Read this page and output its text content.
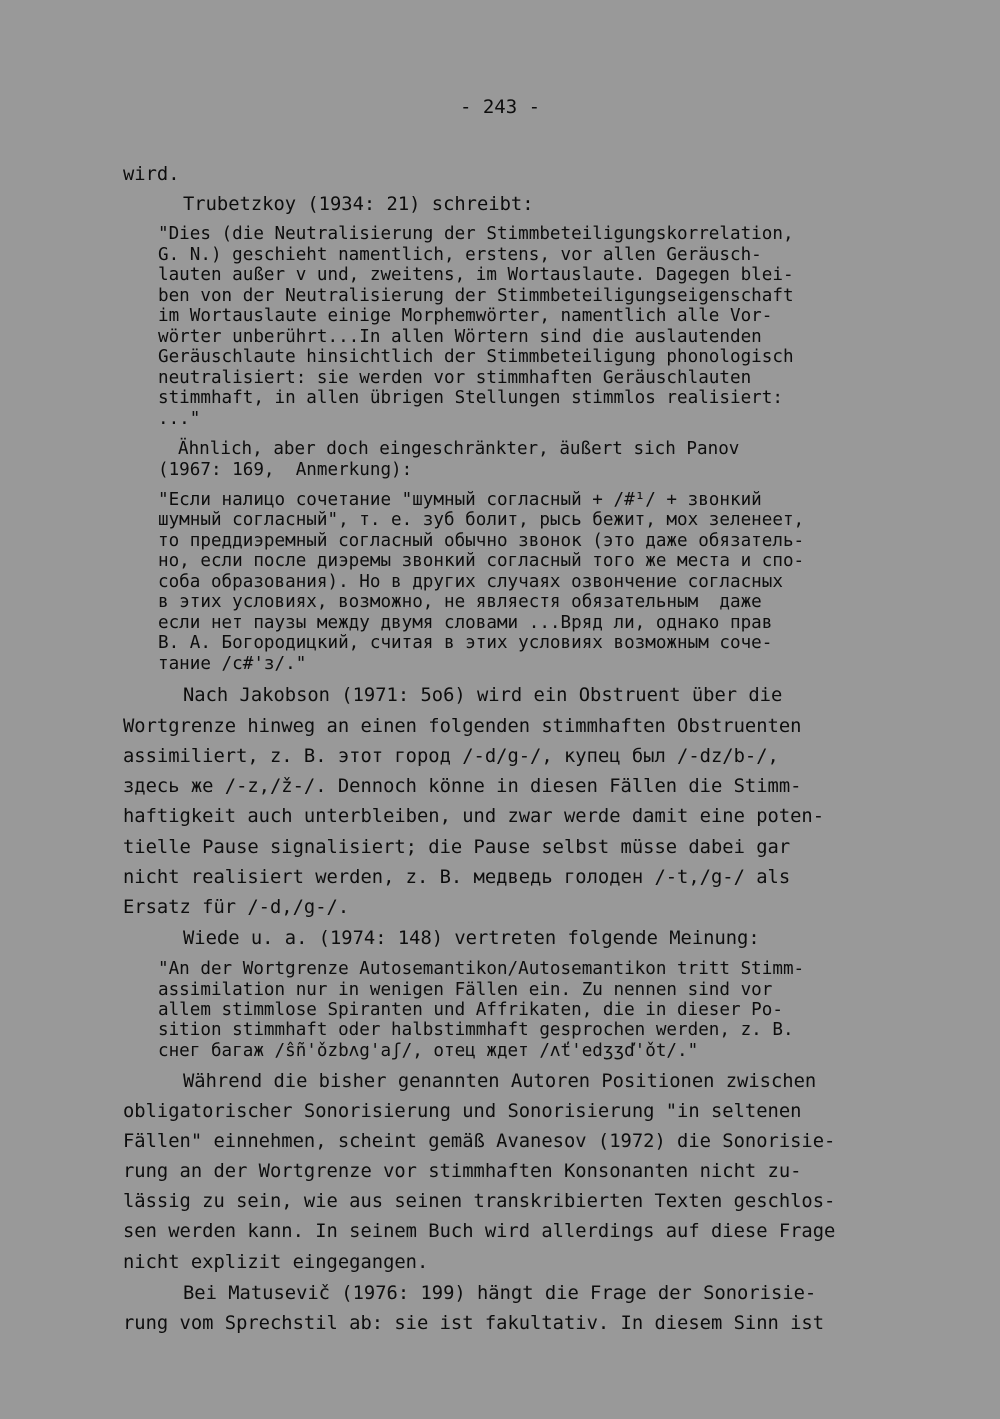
- 243 -
wird.
Trubetzkoy (1934: 21) schreibt:
"Dies (die Neutralisierung der Stimmbeteiligungskorrelation,
G. N.) geschieht namentlich, erstens, vor allen Geräusch-
lauten außer v und, zweitens, im Wortauslaute. Dagegen blei-
ben von der Neutralisierung der Stimmbeteiligungseigenschaft
im Wortauslaute einige Morphemwörter, namentlich alle Vor-
wörter unberührt...In allen Wörtern sind die auslautenden
Geräuschlaute hinsichtlich der Stimmbeteiligung phonologisch
neutralisiert: sie werden vor stimmhaften Geräuschlauten
stimmhaft, in allen übrigen Stellungen stimmlos realisiert:
..."
Ähnlich, aber doch eingeschränkter, äußert sich Panov
(1967: 169,  Anmerkung):
"Если налицо сочетание "шумный согласный + /#¹/ + звонкий
шумный согласный", т. е. зуб болит, рысь бежит, мох зеленеет,
то преддиэремный согласный обычно звонок (это даже обязатель-
но, если после диэремы звонкий согласный того же места и спо-
соба образования). Но в других случаях озвончение согласных
в этих условиях, возможно, не являестя обязательным  даже
если нет паузы между двумя словами ...Вряд ли, однако прав
В. А. Богородицкий, считая в этих условиях возможным соче-
тание /с#'з/."
Nach Jakobson (1971: 5o6) wird ein Obstruent über die
Wortgrenze hinweg an einen folgenden stimmhaften Obstruenten
assimiliert, z. B. этот город /-d/g-/, купец был /-dz/b-/,
здесь же /-z,/ž-/. Dennoch könne in diesen Fällen die Stimm-
haftigkeit auch unterbleiben, und zwar werde damit eine poten-
tielle Pause signalisiert; die Pause selbst müsse dabei gar
nicht realisiert werden, z. B. медведь голоден /-t,/g-/ als
Ersatz für /-d,/g-/.
Wiede u. a. (1974: 148) vertreten folgende Meinung:
"An der Wortgrenze Autosemantikon/Autosemantikon tritt Stimm-
assimilation nur in wenigen Fällen ein. Zu nennen sind vor
allem stimmlose Spiranten und Affrikaten, die in dieser Po-
sition stimmhaft oder halbstimmhaft gesprochen werden, z. B.
снег багаж /ŝñ'ǒzbʌg'aʃ/, отец ждет /ʌť'edʒʒď'ǒt/."
Während die bisher genannten Autoren Positionen zwischen
obligatorischer Sonorisierung und Sonorisierung "in seltenen
Fällen" einnehmen, scheint gemäß Avanesov (1972) die Sonorisie-
rung an der Wortgrenze vor stimmhaften Konsonanten nicht zu-
lässig zu sein, wie aus seinen transkribierten Texten geschlos-
sen werden kann. In seinem Buch wird allerdings auf diese Frage
nicht explizit eingegangen.
Bei Matusevič (1976: 199) hängt die Frage der Sonorisie-
rung vom Sprechstil ab: sie ist fakultativ. In diesem Sinn ist
